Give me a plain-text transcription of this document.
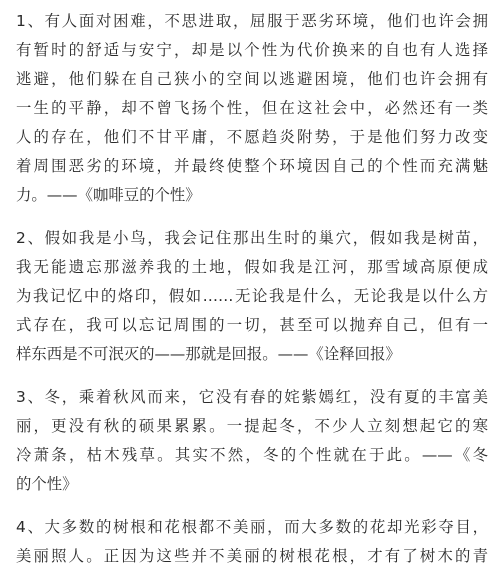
1、有人面对困难，不思进取，屈服于恶劣环境，他们也许会拥
有暂时的舒适与安宁，却是以个性为代价换来的自也有人选择
逃避，他们躲在自己狭小的空间以逃避困境，他们也许会拥有
一生的平静，却不曾飞扬个性，但在这社会中，必然还有一类
人的存在，他们不甘平庸，不愿趋炎附势，于是他们努力改变
着周围恶劣的环境，并最终使整个环境因自己的个性而充满魅
力。——《咖啡豆的个性》
2、假如我是小鸟，我会记住那出生时的巢穴，假如我是树苗，
我无能遗忘那滋养我的土地，假如我是江河，那雪域高原便成
为我记忆中的烙印，假如……无论我是什么，无论我是以什么方
式存在，我可以忘记周围的一切，甚至可以抛弃自己，但有一
样东西是不可泯灭的——那就是回报。——《诠释回报》
3、冬，乘着秋风而来，它没有春的姹紫嫣红，没有夏的丰富美
丽，更没有秋的硕果累累。一提起冬，不少人立刻想起它的寒
冷萧条，枯木残草。其实不然，冬的个性就在于此。——《冬
的个性》
4、大多数的树根和花根都不美丽，而大多数的花却光彩夺目，
美丽照人。正因为这些并不美丽的树根花根，才有了树木的青
